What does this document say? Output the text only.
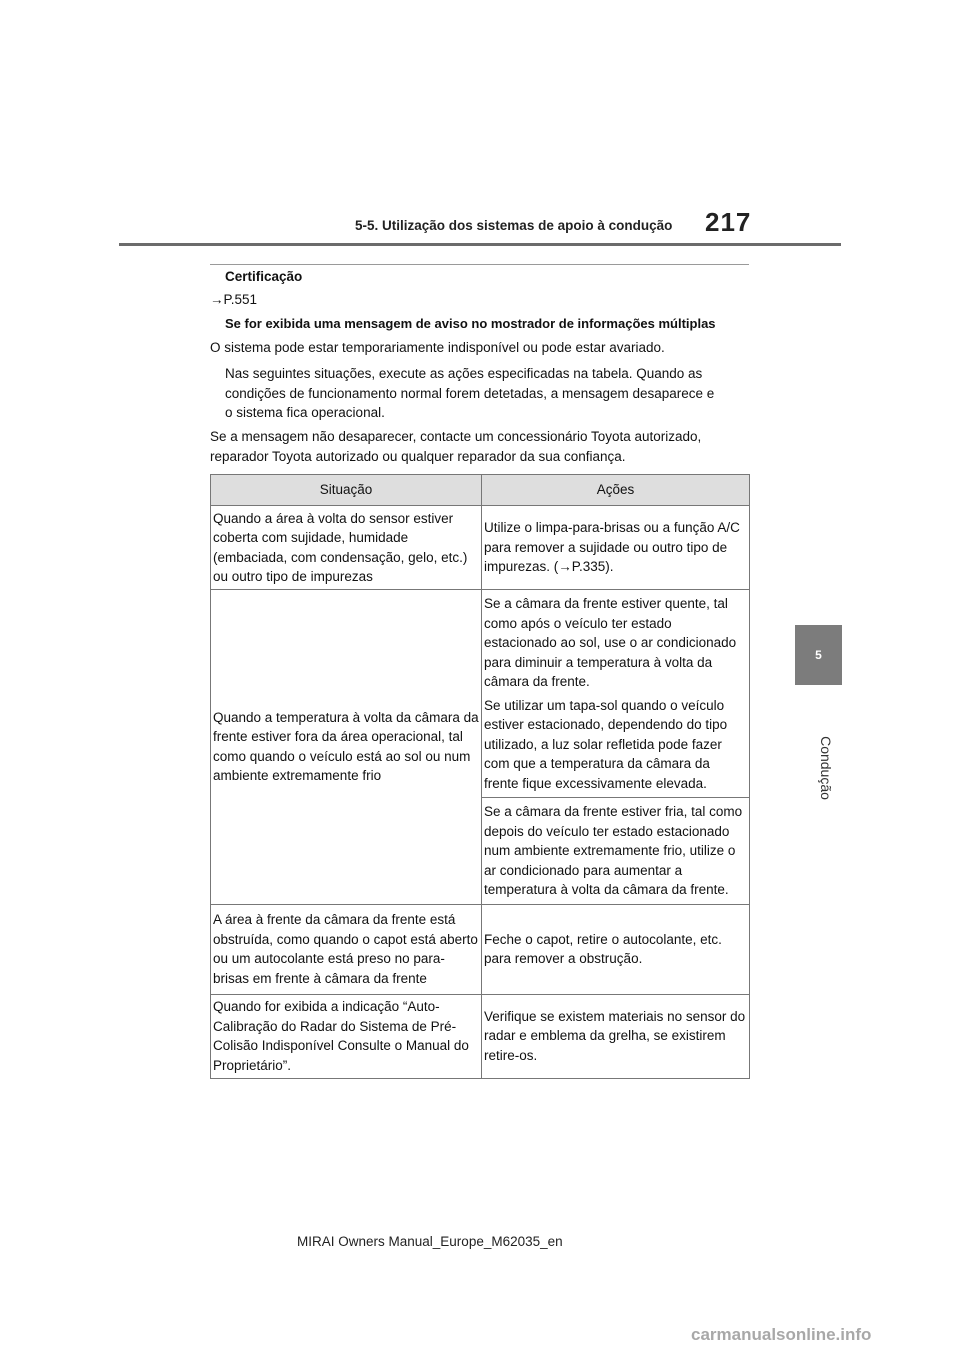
5-5. Utilização dos sistemas de apoio à condução 217
5
Condução
Certificação
→P.551
Se for exibida uma mensagem de aviso no mostrador de informações múltiplas
O sistema pode estar temporariamente indisponível ou pode estar avariado.
Nas seguintes situações, execute as ações especificadas na tabela. Quando as
condições de funcionamento normal forem detetadas, a mensagem desaparece e
o sistema fica operacional.
Se a mensagem não desaparecer, contacte um concessionário Toyota autorizado,
reparador Toyota autorizado ou qualquer reparador da sua confiança.
Situação	Ações
Quando a área à volta do sensor estiver coberta com sujidade, humidade (embaciada, com condensação, gelo, etc.) ou outro tipo de impurezas	Utilize o limpa-para-brisas ou a função A/C para remover a sujidade ou outro tipo de impurezas. (→P.335).
Quando a temperatura à volta da câmara da frente estiver fora da área operacional, tal como quando o veículo está ao sol ou num ambiente extremamente frio	Se a câmara da frente estiver quente, tal como após o veículo ter estado estacionado ao sol, use o ar condicionado para diminuir a temperatura à volta da câmara da frente.
Se utilizar um tapa-sol quando o veículo estiver estacionado, dependendo do tipo utilizado, a luz solar refletida pode fazer com que a temperatura da câmara da frente fique excessivamente elevada.
Se a câmara da frente estiver fria, tal como depois do veículo ter estado estacionado num ambiente extremamente frio, utilize o ar condicionado para aumentar a temperatura à volta da câmara da frente.

A área à frente da câmara da frente está obstruída, como quando o capot está aberto ou um autocolante está preso no para-brisas em frente à câmara da frente	Feche o capot, retire o autocolante, etc. para remover a obstrução.
Quando for exibida a indicação “Auto-Calibração do Radar do Sistema de Pré-Colisão Indisponível Consulte o Manual do Proprietário”.	Verifique se existem materiais no sensor do radar e emblema da grelha, se existirem retire-os.
MIRAI Owners Manual_Europe_M62035_en
carmanualsonline.info
